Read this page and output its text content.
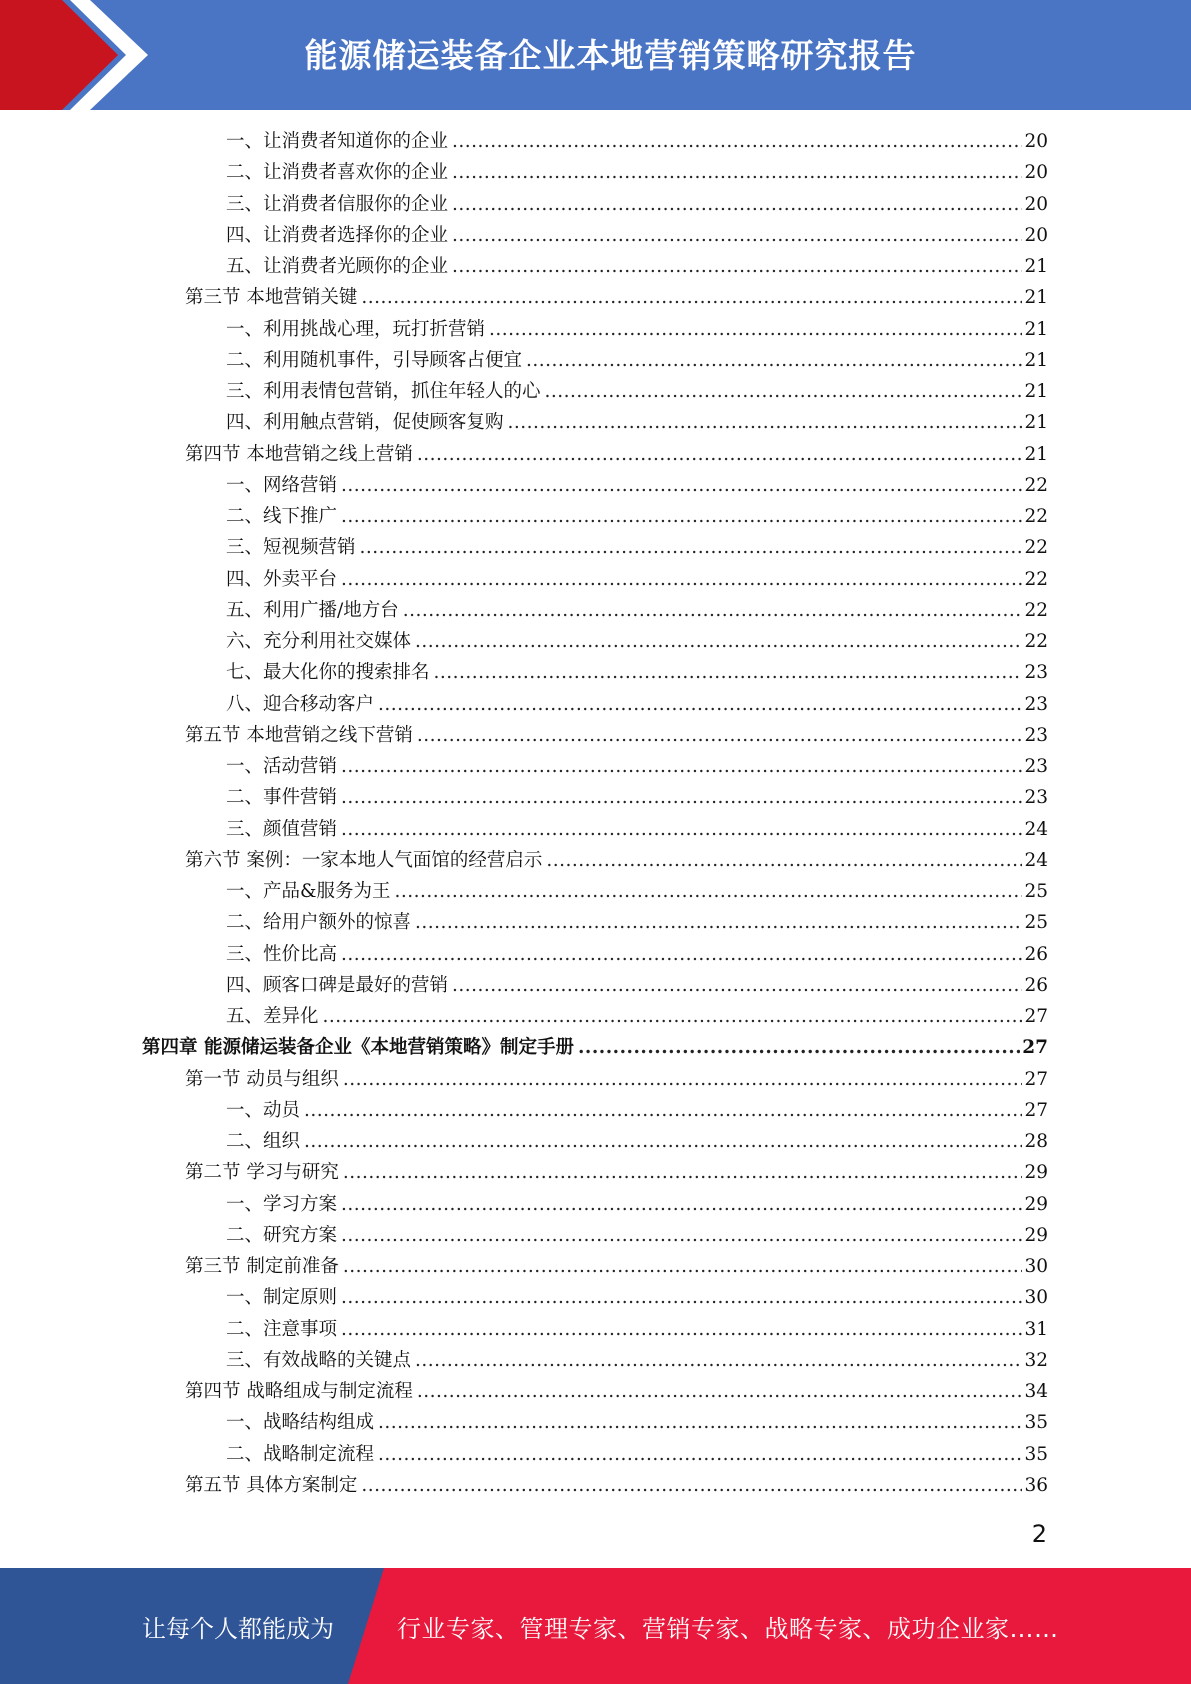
能源储运装备企业本地营销策略研究报告
一、让消费者知道你的企业 .....	20
二、让消费者喜欢你的企业 .....	20
三、让消费者信服你的企业 .....	20
四、让消费者选择你的企业 .....	20
五、让消费者光顾你的企业 .....	21
第三节 本地营销关键 .....	21
一、利用挑战心理，玩打折营销 .....	21
二、利用随机事件，引导顾客占便宜 .....	21
三、利用表情包营销，抓住年轻人的心 .....	21
四、利用触点营销，促使顾客复购 .....	21
第四节 本地营销之线上营销 .....	21
一、网络营销 .....	22
二、线下推广 .....	22
三、短视频营销 .....	22
四、外卖平台 .....	22
五、利用广播/地方台 .....	22
六、充分利用社交媒体 .....	22
七、最大化你的搜索排名 .....	23
八、迎合移动客户 .....	23
第五节 本地营销之线下营销 .....	23
一、活动营销 .....	23
二、事件营销 .....	23
三、颜值营销 .....	24
第六节 案例：一家本地人气面馆的经营启示 .....	24
一、产品&服务为王 .....	25
二、给用户额外的惊喜 .....	25
三、性价比高 .....	26
四、顾客口碑是最好的营销 .....	26
五、差异化 .....	27
第四章 能源储运装备企业《本地营销策略》制定手册 .....	27
第一节 动员与组织 .....	27
一、动员 .....	27
二、组织 .....	28
第二节 学习与研究 .....	29
一、学习方案 .....	29
二、研究方案 .....	29
第三节 制定前准备 .....	30
一、制定原则 .....	30
二、注意事项 .....	31
三、有效战略的关键点 .....	32
第四节 战略组成与制定流程 .....	34
一、战略结构组成 .....	35
二、战略制定流程 .....	35
第五节 具体方案制定 .....	36
2
让每个人都能成为	行业专家、管理专家、营销专家、战略专家、成功企业家……
